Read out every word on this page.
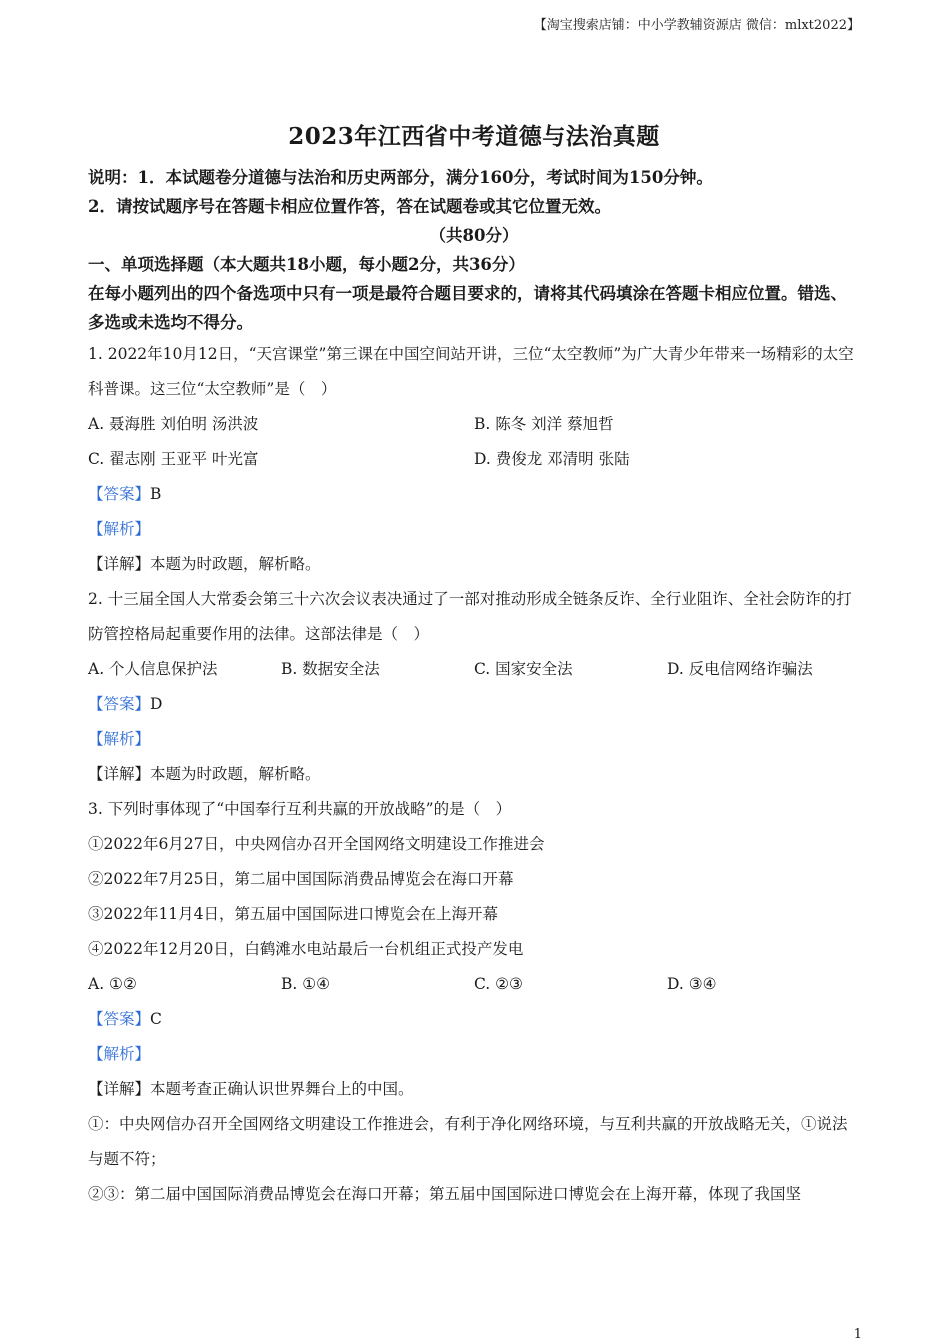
【淘宝搜索店铺：中小学教辅资源店 微信：mlxt2022】
2023年江西省中考道德与法治真题
说明：1．本试题卷分道德与法治和历史两部分，满分160分，考试时间为150分钟。
2．请按试题序号在答题卡相应位置作答，答在试题卷或其它位置无效。
（共80分）
一、单项选择题（本大题共18小题，每小题2分，共36分）
在每小题列出的四个备选项中只有一项是最符合题目要求的，请将其代码填涂在答题卡相应位置。错选、多选或未选均不得分。
1. 2022年10月12日，“天宫课堂”第三课在中国空间站开讲，三位“太空教师”为广大青少年带来一场精彩的太空科普课。这三位“太空教师”是（　）
A. 聂海胜 刘伯明 汤洪波	B. 陈冬 刘洋 蔡旭哲
C. 翟志刚 王亚平 叶光富	D. 费俊龙 邓清明 张陆
【答案】B
【解析】
【详解】本题为时政题，解析略。
2. 十三届全国人大常委会第三十六次会议表决通过了一部对推动形成全链条反诈、全行业阻诈、全社会防诈的打防管控格局起重要作用的法律。这部法律是（　）
A. 个人信息保护法	B. 数据安全法	C. 国家安全法	D. 反电信网络诈骗法
【答案】D
【解析】
【详解】本题为时政题，解析略。
3. 下列时事体现了“中国奉行互利共赢的开放战略”的是（　）
①2022年6月27日，中央网信办召开全国网络文明建设工作推进会
②2022年7月25日，第二届中国国际消费品博览会在海口开幕
③2022年11月4日，第五届中国国际进口博览会在上海开幕
④2022年12月20日，白鹤滩水电站最后一台机组正式投产发电
A. ①②	B. ①④	C. ②③	D. ③④
【答案】C
【解析】
【详解】本题考查正确认识世界舞台上的中国。
①：中央网信办召开全国网络文明建设工作推进会，有利于净化网络环境，与互利共赢的开放战略无关，①说法与题不符；
②③：第二届中国国际消费品博览会在海口开幕；第五届中国国际进口博览会在上海开幕，体现了我国坚
1
